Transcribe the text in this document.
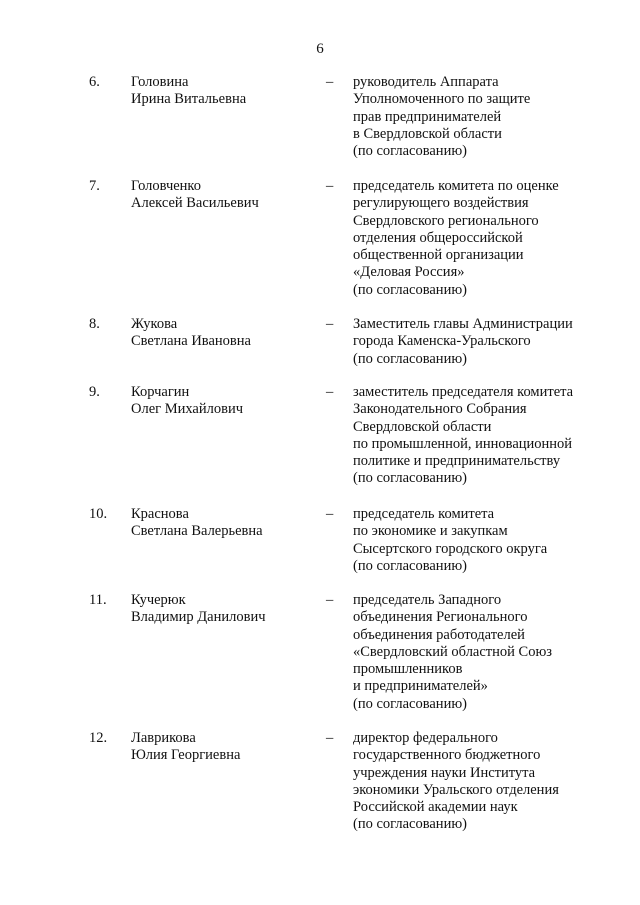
6
6. Головина
Ирина Витальевна
– руководитель Аппарата
Уполномоченного по защите
прав предпринимателей
в Свердловской области
(по согласованию)
7. Головченко
Алексей Васильевич
– председатель комитета по оценке
регулирующего воздействия
Свердловского регионального
отделения общероссийской
общественной организации
«Деловая Россия»
(по согласованию)
8. Жукова
Светлана Ивановна
– Заместитель главы Администрации
города Каменска-Уральского
(по согласованию)
9. Корчагин
Олег Михайлович
– заместитель председателя комитета
Законодательного Собрания
Свердловской области
по промышленной, инновационной
политике и предпринимательству
(по согласованию)
10. Краснова
Светлана Валерьевна
– председатель комитета
по экономике и закупкам
Сысертского городского округа
(по согласованию)
11. Кучерюк
Владимир Данилович
– председатель Западного
объединения Регионального
объединения работодателей
«Свердловский областной Союз
промышленников
и предпринимателей»
(по согласованию)
12. Лаврикова
Юлия Георгиевна
– директор федерального
государственного бюджетного
учреждения науки Института
экономики Уральского отделения
Российской академии наук
(по согласованию)
